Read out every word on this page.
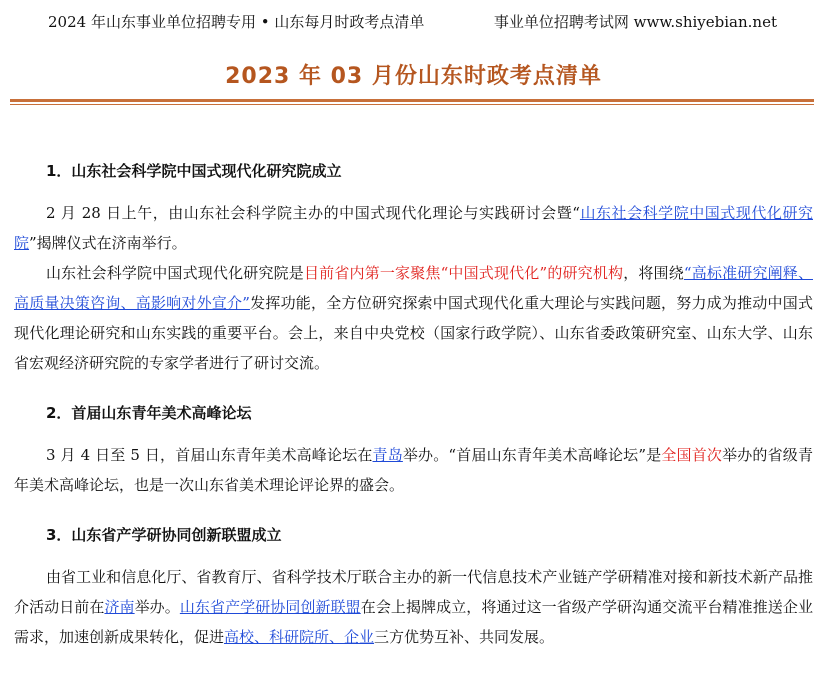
2024 年山东事业单位招聘专用 • 山东每月时政考点清单	事业单位招聘考试网 www.shiyebian.net
2023 年 03 月份山东时政考点清单
1．山东社会科学院中国式现代化研究院成立

2 月 28 日上午，由山东社会科学院主办的中国式现代化理论与实践研讨会暨“山东社会科学院中国式现代化研究院”揭牌仪式在济南举行。

山东社会科学院中国式现代化研究院是目前省内第一家聚焦“中国式现代化”的研究机构，将围绕“高标准研究阐释、高质量决策咨询、高影响对外宣介”发挥功能，全方位研究探索中国式现代化重大理论与实践问题，努力成为推动中国式现代化理论研究和山东实践的重要平台。会上，来自中央党校（国家行政学院）、山东省委政策研究室、山东大学、山东省宏观经济研究院的专家学者进行了研讨交流。

2．首届山东青年美术高峰论坛

3 月 4 日至 5 日，首届山东青年美术高峰论坛在青岛举办。“首届山东青年美术高峰论坛”是全国首次举办的省级青年美术高峰论坛，也是一次山东省美术理论评论界的盛会。

3．山东省产学研协同创新联盟成立

由省工业和信息化厅、省教育厅、省科学技术厅联合主办的新一代信息技术产业链产学研精准对接和新技术新产品推介活动日前在济南举办。山东省产学研协同创新联盟在会上揭牌成立，将通过这一省级产学研沟通交流平台精准推送企业需求，加速创新成果转化，促进高校、科研院所、企业三方优势互补、共同发展。
